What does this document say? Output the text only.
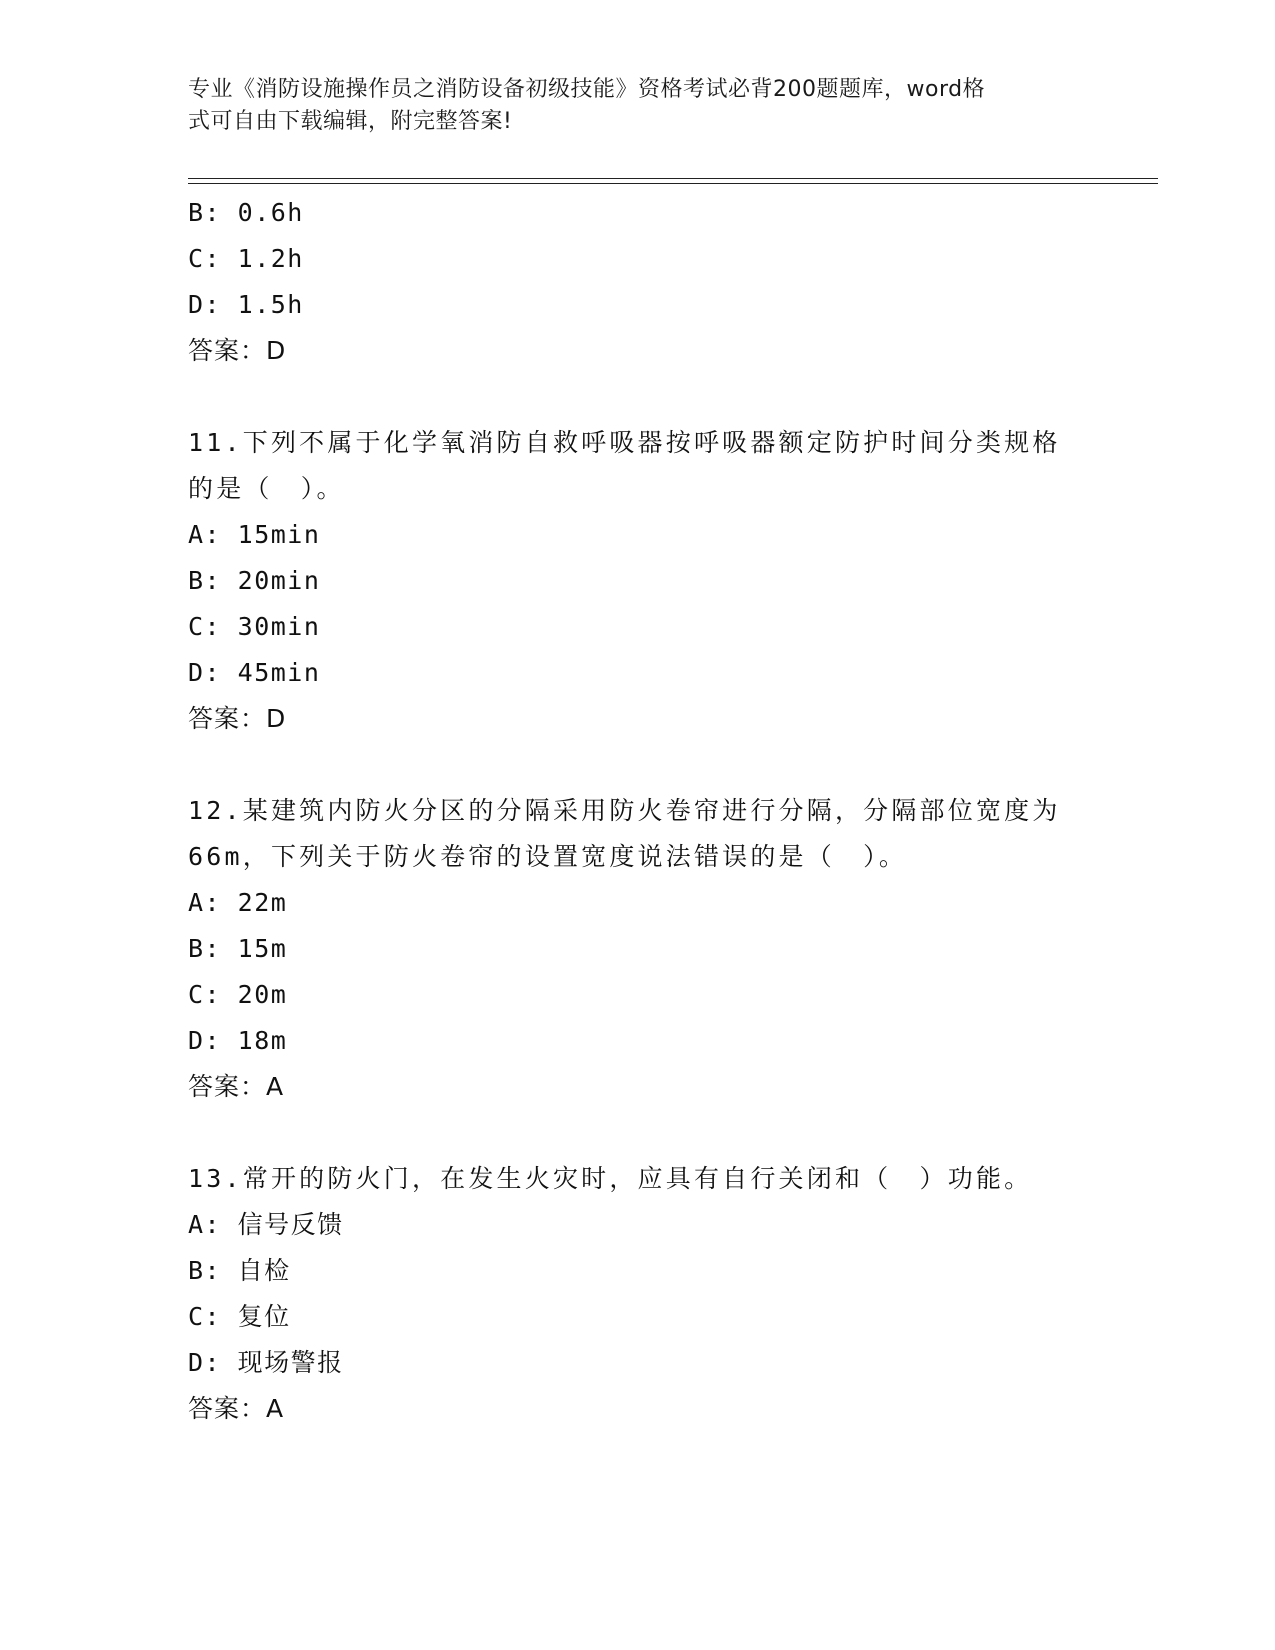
专业《消防设施操作员之消防设备初级技能》资格考试必背200题题库，word格
式可自由下载编辑，附完整答案!
B: 0.6h
C: 1.2h
D: 1.5h
答案：D
11.下列不属于化学氧消防自救呼吸器按呼吸器额定防护时间分类规格
的是（　）。
A: 15min
B: 20min
C: 30min
D: 45min
答案：D
12.某建筑内防火分区的分隔采用防火卷帘进行分隔，分隔部位宽度为
66m，下列关于防火卷帘的设置宽度说法错误的是（　）。
A: 22m
B: 15m
C: 20m
D: 18m
答案：A
13.常开的防火门，在发生火灾时，应具有自行关闭和（　）功能。
A: 信号反馈
B: 自检
C: 复位
D: 现场警报
答案：A
